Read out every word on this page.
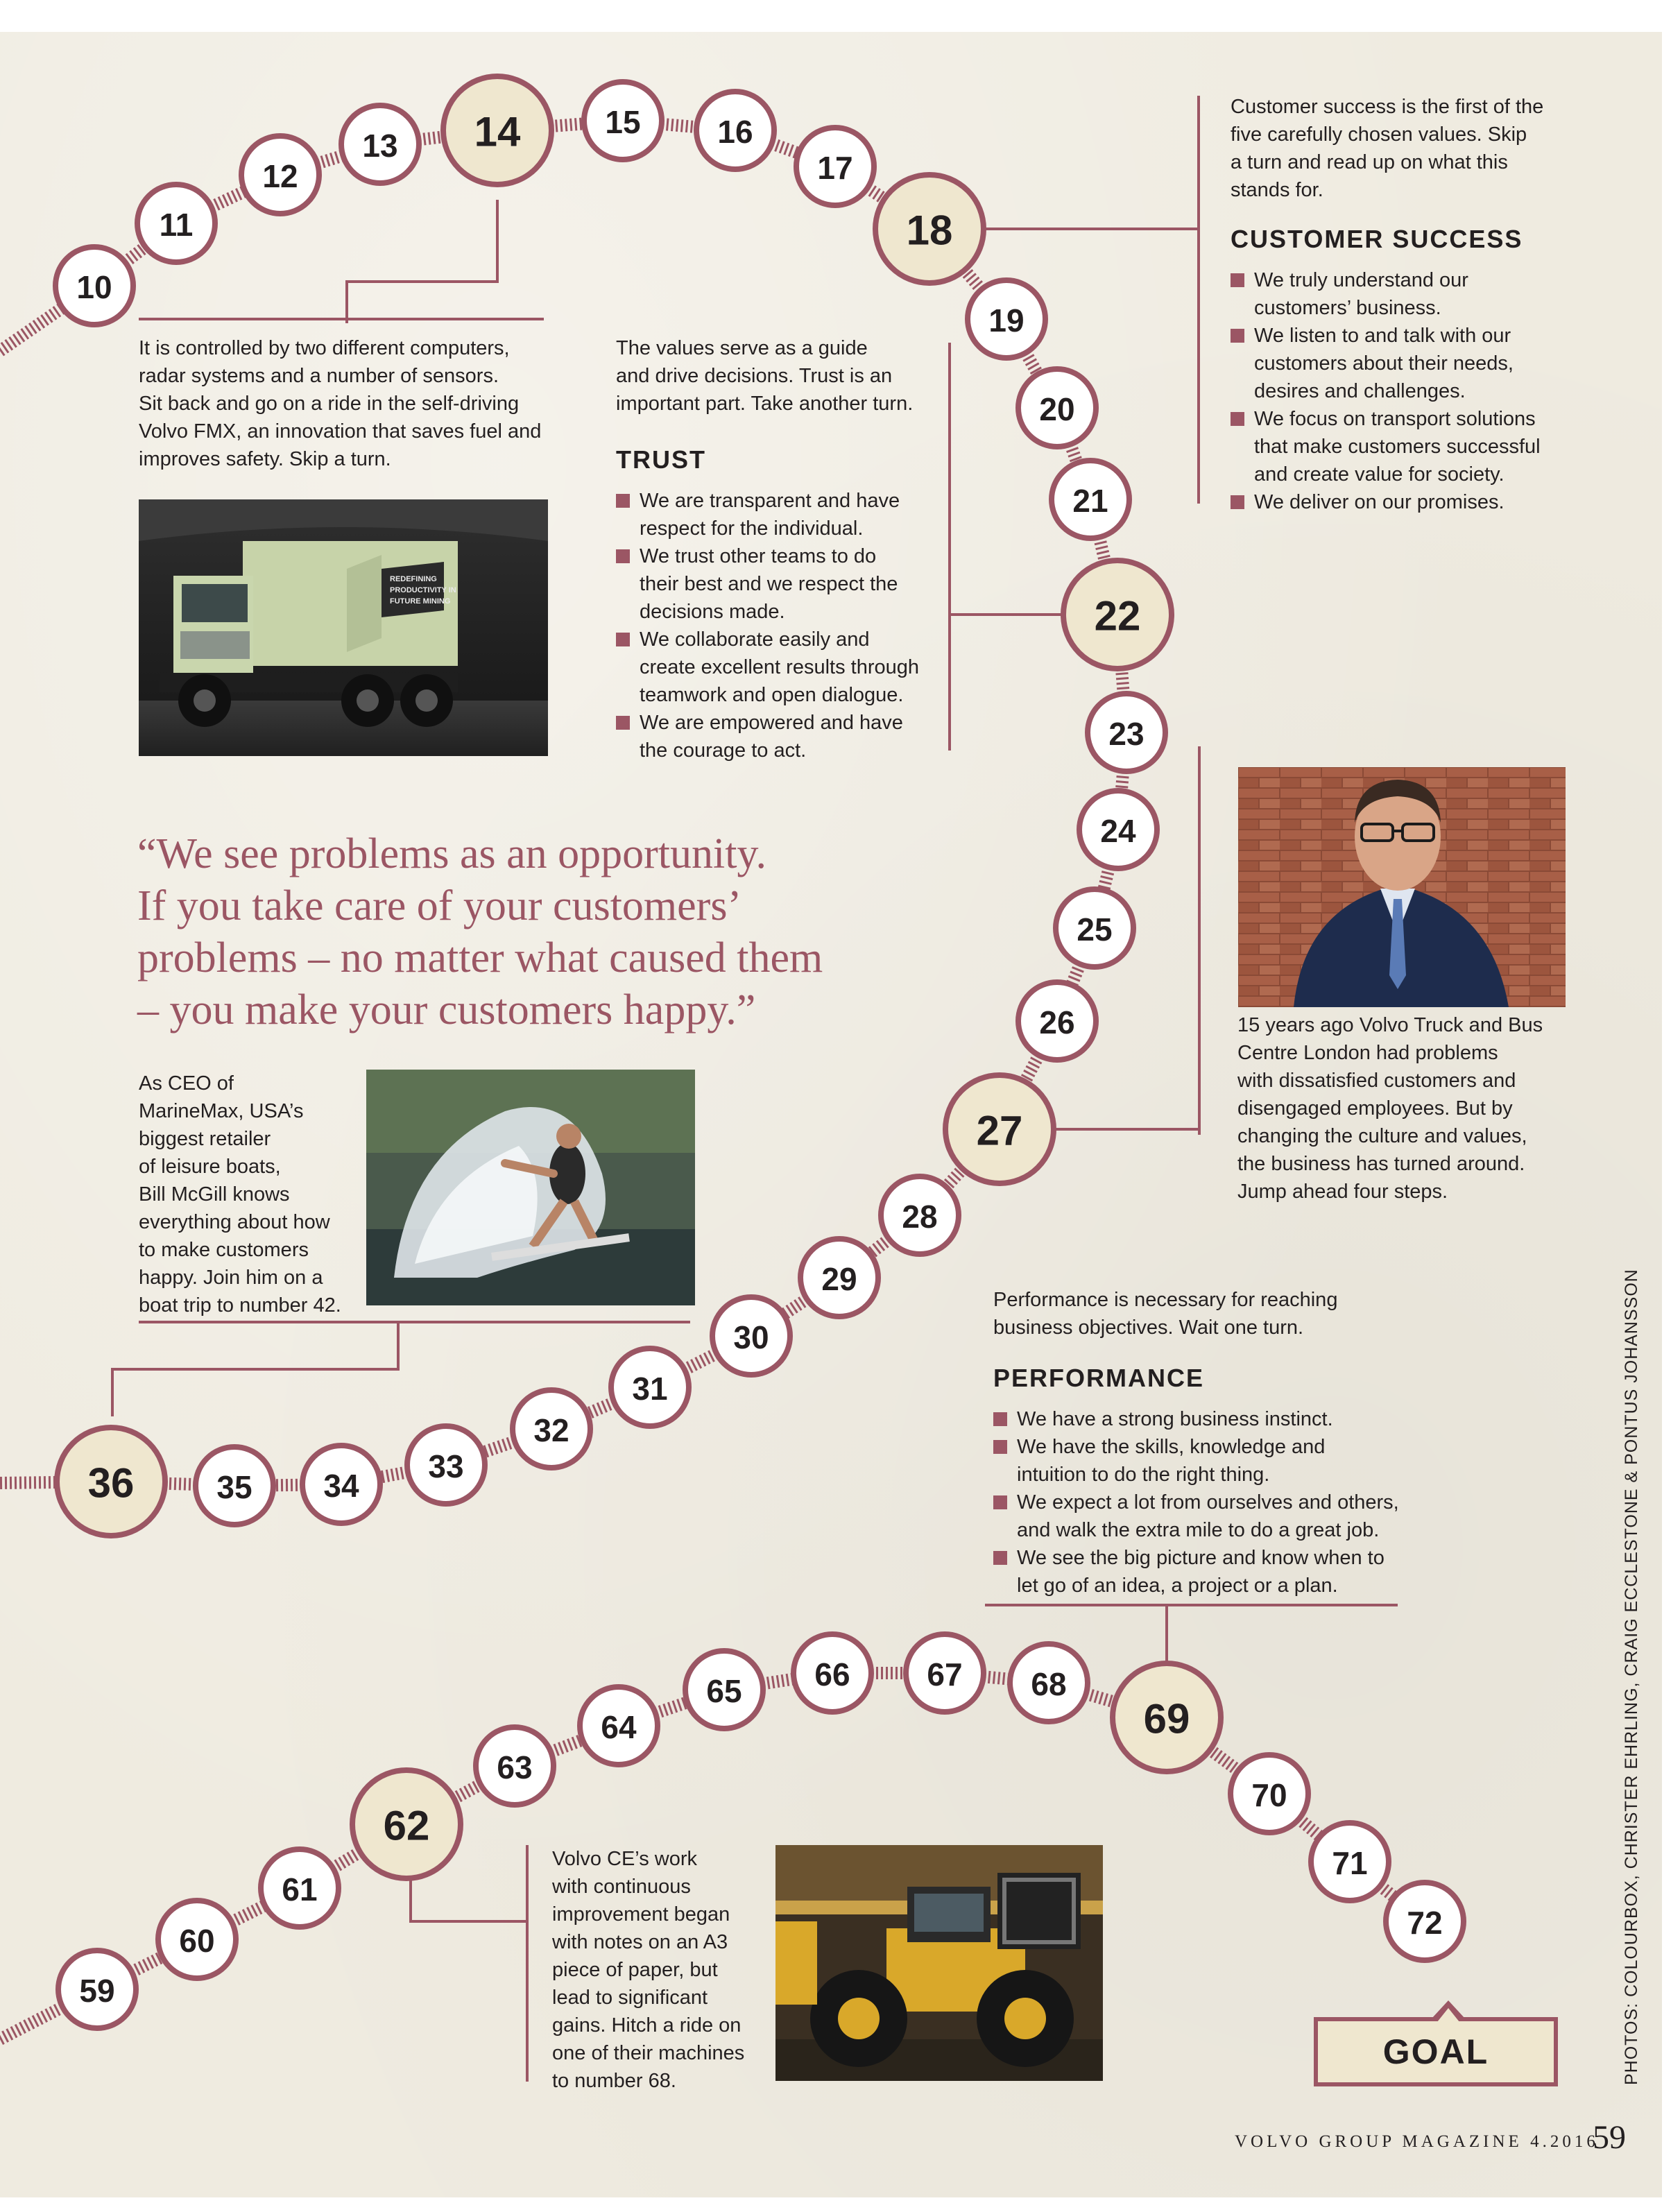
REDEFINING
PRODUCTIVITY IN
FUTURE MINING
10
11
12
13 14	15 16
17
18
19
20
21
22
23
24
25
26
27
28
29
30
31
32
33
34
35
36
59
60
61
62
63
64
65 66 67 68
69
70
71
72

It is controlled by two different computers,

radar systems and a number of sensors.

Sit back and go on a ride in the self-driving

Volvo FMX, an innovation that saves fuel and

improves safety. Skip a turn.

The values serve as a guide

and drive decisions. Trust is an

important part. Take another turn.

TRUST
We are transparent and have
respect for the individual.
We trust other teams to do
their best and we respect the
decisions made.
We collaborate easily and
create excellent results through
teamwork and open dialogue.
We are empowered and have
the courage to act.

Customer success is the first of the

five carefully chosen values. Skip

a turn and read up on what this

stands for.

CUSTOMER SUCCESS
We truly understand our
customers’ business.
We listen to and talk with our
customers about their needs,
desires and challenges.
We focus on transport solutions
that make customers successful
and create value for society.
We deliver on our promises.
“We see problems as an opportunity.
If you take care of your customers’
problems – no matter what caused them
– you make your customers happy.”

As CEO of

MarineMax, USA’s

biggest retailer

of leisure boats,

Bill McGill knows

everything about how

to make customers

happy. Join him on a

boat trip to number 42.

15 years ago Volvo Truck and Bus

Centre London had problems

with dissatisfied customers and

disengaged employees. But by

changing the culture and values,

the business has turned around.

Jump ahead four steps.

Performance is necessary for reaching

business objectives. Wait one turn.

PERFORMANCE
We have a strong business instinct.
We have the skills, knowledge and
intuition to do the right thing.
We expect a lot from ourselves and others,
and walk the extra mile to do a great job.
We see the big picture and know when to
let go of an idea, a project or a plan.

Volvo CE’s work

with continuous

improvement began

with notes on an A3

piece of paper, but

lead to significant

gains. Hitch a ride on

one of their machines

to number 68.

GOAL	PHOTOS: COLOURBOX, CHRISTER EHRLING, CRAIG ECCLESTONE & PONTUS JOHANSSON
VOLVO GROUP MAGAZINE 4.2016
59
